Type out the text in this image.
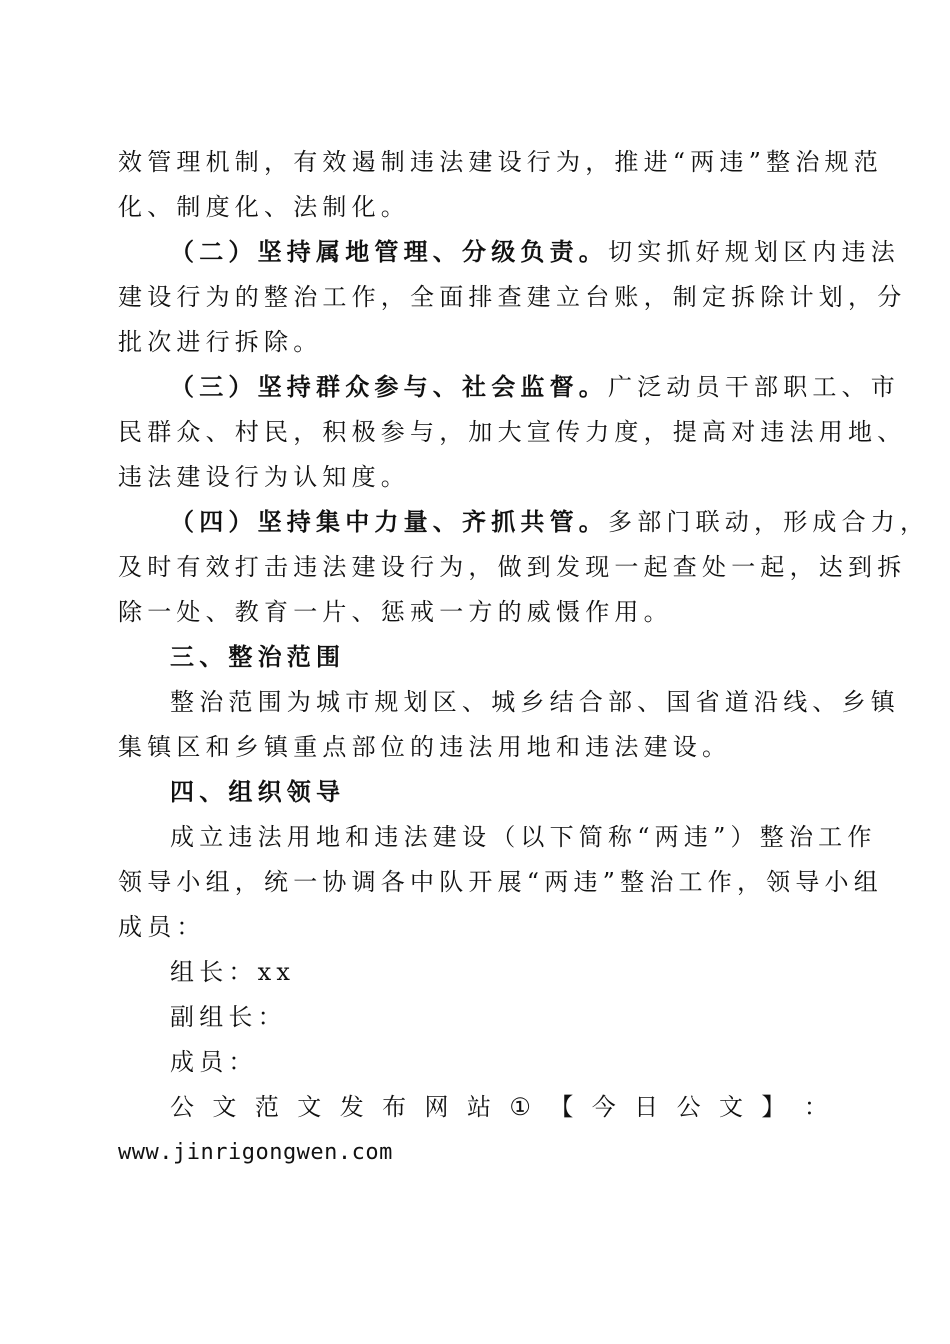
效管理机制，有效遏制违法建设行为，推进“两违”整治规范
化、制度化、法制化。
（二）坚持属地管理、分级负责。切实抓好规划区内违法
建设行为的整治工作，全面排查建立台账，制定拆除计划，分
批次进行拆除。
（三）坚持群众参与、社会监督。广泛动员干部职工、市
民群众、村民，积极参与，加大宣传力度，提高对违法用地、
违法建设行为认知度。
（四）坚持集中力量、齐抓共管。多部门联动，形成合力，
及时有效打击违法建设行为，做到发现一起查处一起，达到拆
除一处、教育一片、惩戒一方的威慑作用。
三、整治范围
整治范围为城市规划区、城乡结合部、国省道沿线、乡镇
集镇区和乡镇重点部位的违法用地和违法建设。
四、组织领导
成立违法用地和违法建设（以下简称“两违”）整治工作
领导小组，统一协调各中队开展“两违”整治工作，领导小组
成员：
组长：xx
副组长：
成员：
公 文 范 文 发 布 网 站 ① 【 今 日 公 文 】 ：
www.jinrigongwen.com
